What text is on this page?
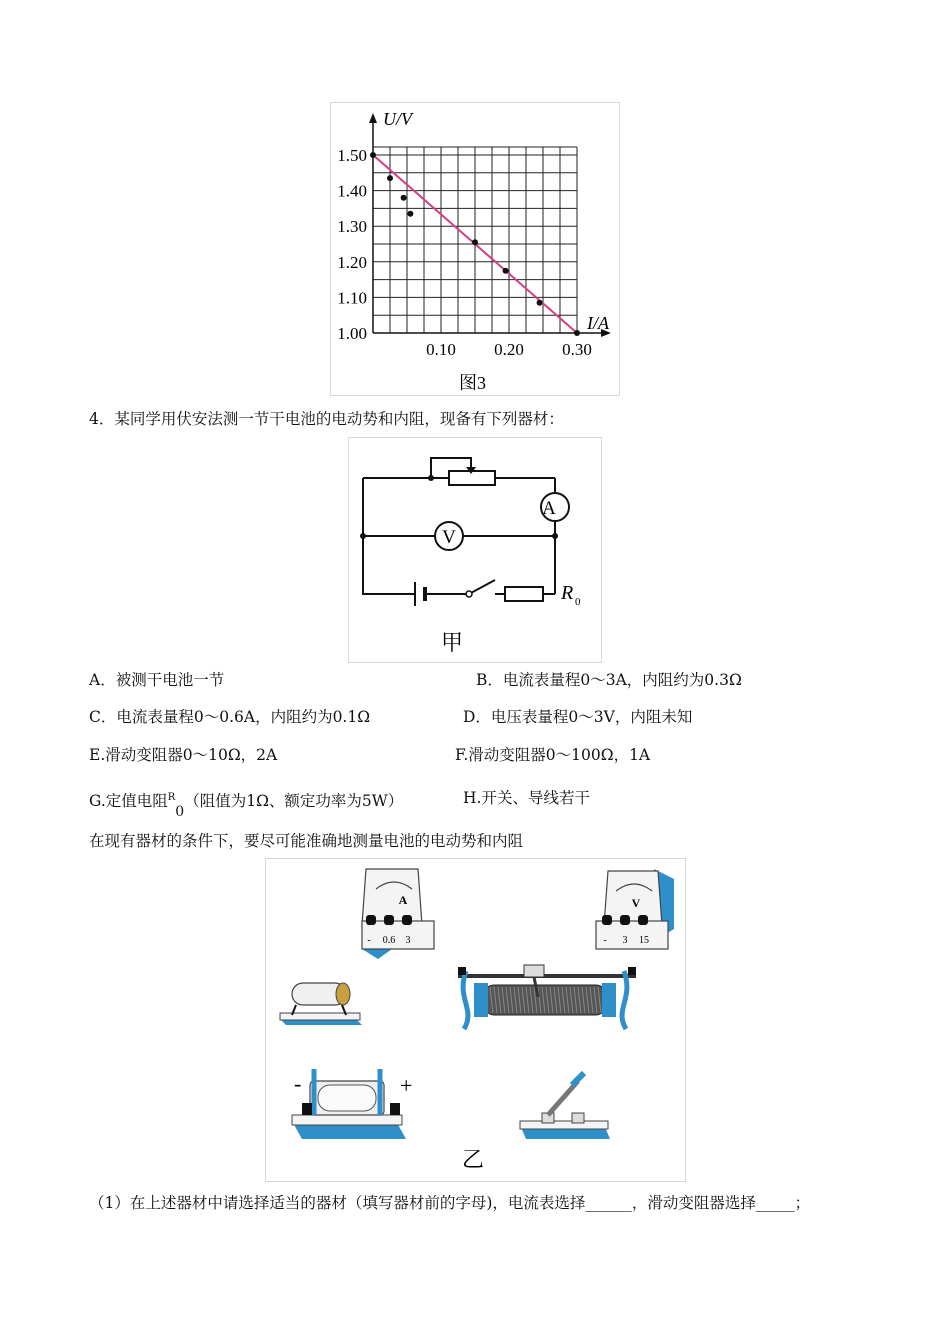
1.00
1.10
1.20
1.30
1.40
1.50
0.10 0.20 0.30
U/V
I/A
图3
4．某同学用伏安法测一节干电池的电动势和内阻，现备有下列器材：
A
V
R 0
甲
A．被测干电池一节	B．电流表量程0～3A，内阻约为0.3Ω
C．电流表量程0～0.6A，内阻约为0.1Ω	D．电压表量程0～3V，内阻未知
E.滑动变阻器0～10Ω，2A	F.滑动变阻器0～100Ω，1A
G.定值电阻$^R$0（阻值为1Ω、额定功率为5W）	H.开关、导线若干
在现有器材的条件下，要尽可能准确地测量电池的电动势和内阻
A
- 0.6 3
V
- 3 15
-	+
乙
（1）在上述器材中请选择适当的器材（填写器材前的字母)，电流表选择______，滑动变阻器选择_____；
